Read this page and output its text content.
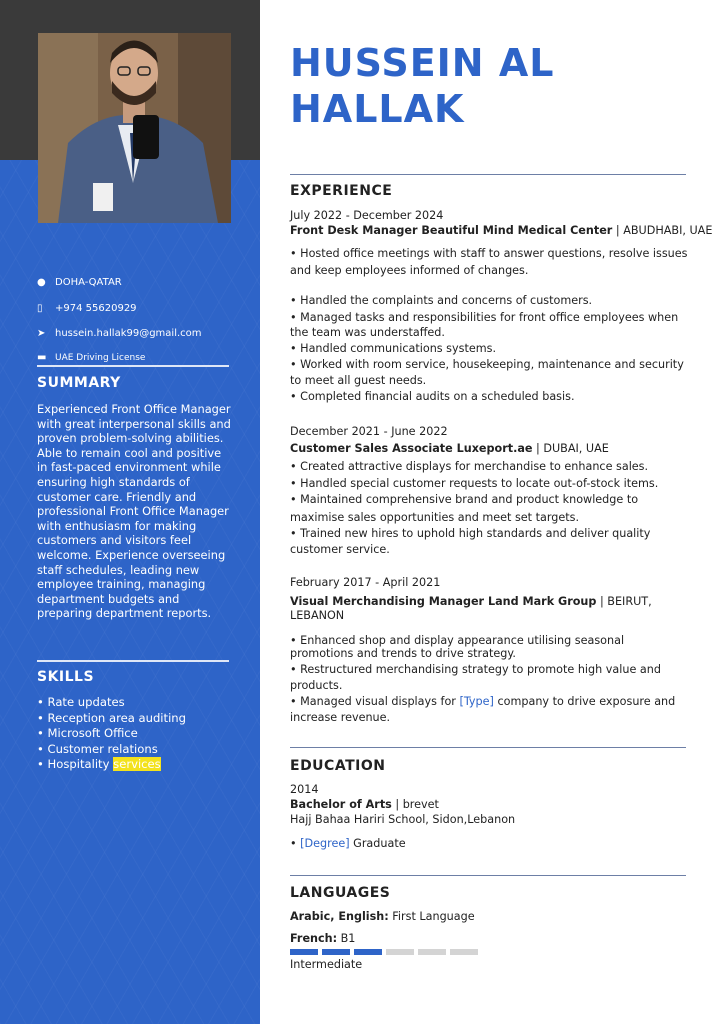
● DOHA-QATAR
▯	+974 55620929
➤ hussein.hallak99@gmail.com
▬ UAE Driving License
SUMMARY
Experienced Front Office Manager with great interpersonal skills and proven problem-solving abilities. Able to remain cool and positive in fast-paced environment while ensuring high standards of customer care. Friendly and professional Front Office Manager with enthusiasm for making customers and visitors feel welcome. Experience overseeing staff schedules, leading new employee training, managing department budgets and preparing department reports.
SKILLS
• Rate updates
• Reception area auditing
• Microsoft Office
• Customer relations
• Hospitality services
HUSSEIN AL
HALLAK
EXPERIENCE
July 2022 - December 2024
Front Desk Manager Beautiful Mind Medical Center | ABUDHABI, UAE
• Hosted office meetings with staff to answer questions, resolve issues
and keep employees informed of changes.
• Handled the complaints and concerns of customers.
• Managed tasks and responsibilities for front office employees when
the team was understaffed.
• Handled communications systems.
• Worked with room service, housekeeping, maintenance and security
to meet all guest needs.
• Completed financial audits on a scheduled basis.
December 2021 - June 2022
Customer Sales Associate Luxeport.ae | DUBAI, UAE
• Created attractive displays for merchandise to enhance sales.
• Handled special customer requests to locate out-of-stock items.
• Maintained comprehensive brand and product knowledge to
maximise sales opportunities and meet set targets.
• Trained new hires to uphold high standards and deliver quality
customer service.
February 2017 - April 2021
Visual Merchandising Manager Land Mark Group | BEIRUT,
LEBANON
• Enhanced shop and display appearance utilising seasonal
promotions and trends to drive strategy.
• Restructured merchandising strategy to promote high value and
products.
• Managed visual displays for [Type] company to drive exposure and
increase revenue.
EDUCATION
2014
Bachelor of Arts | brevet
Hajj Bahaa Hariri School, Sidon,Lebanon
• [Degree] Graduate
LANGUAGES
Arabic, English: First Language
French: B1
Intermediate
